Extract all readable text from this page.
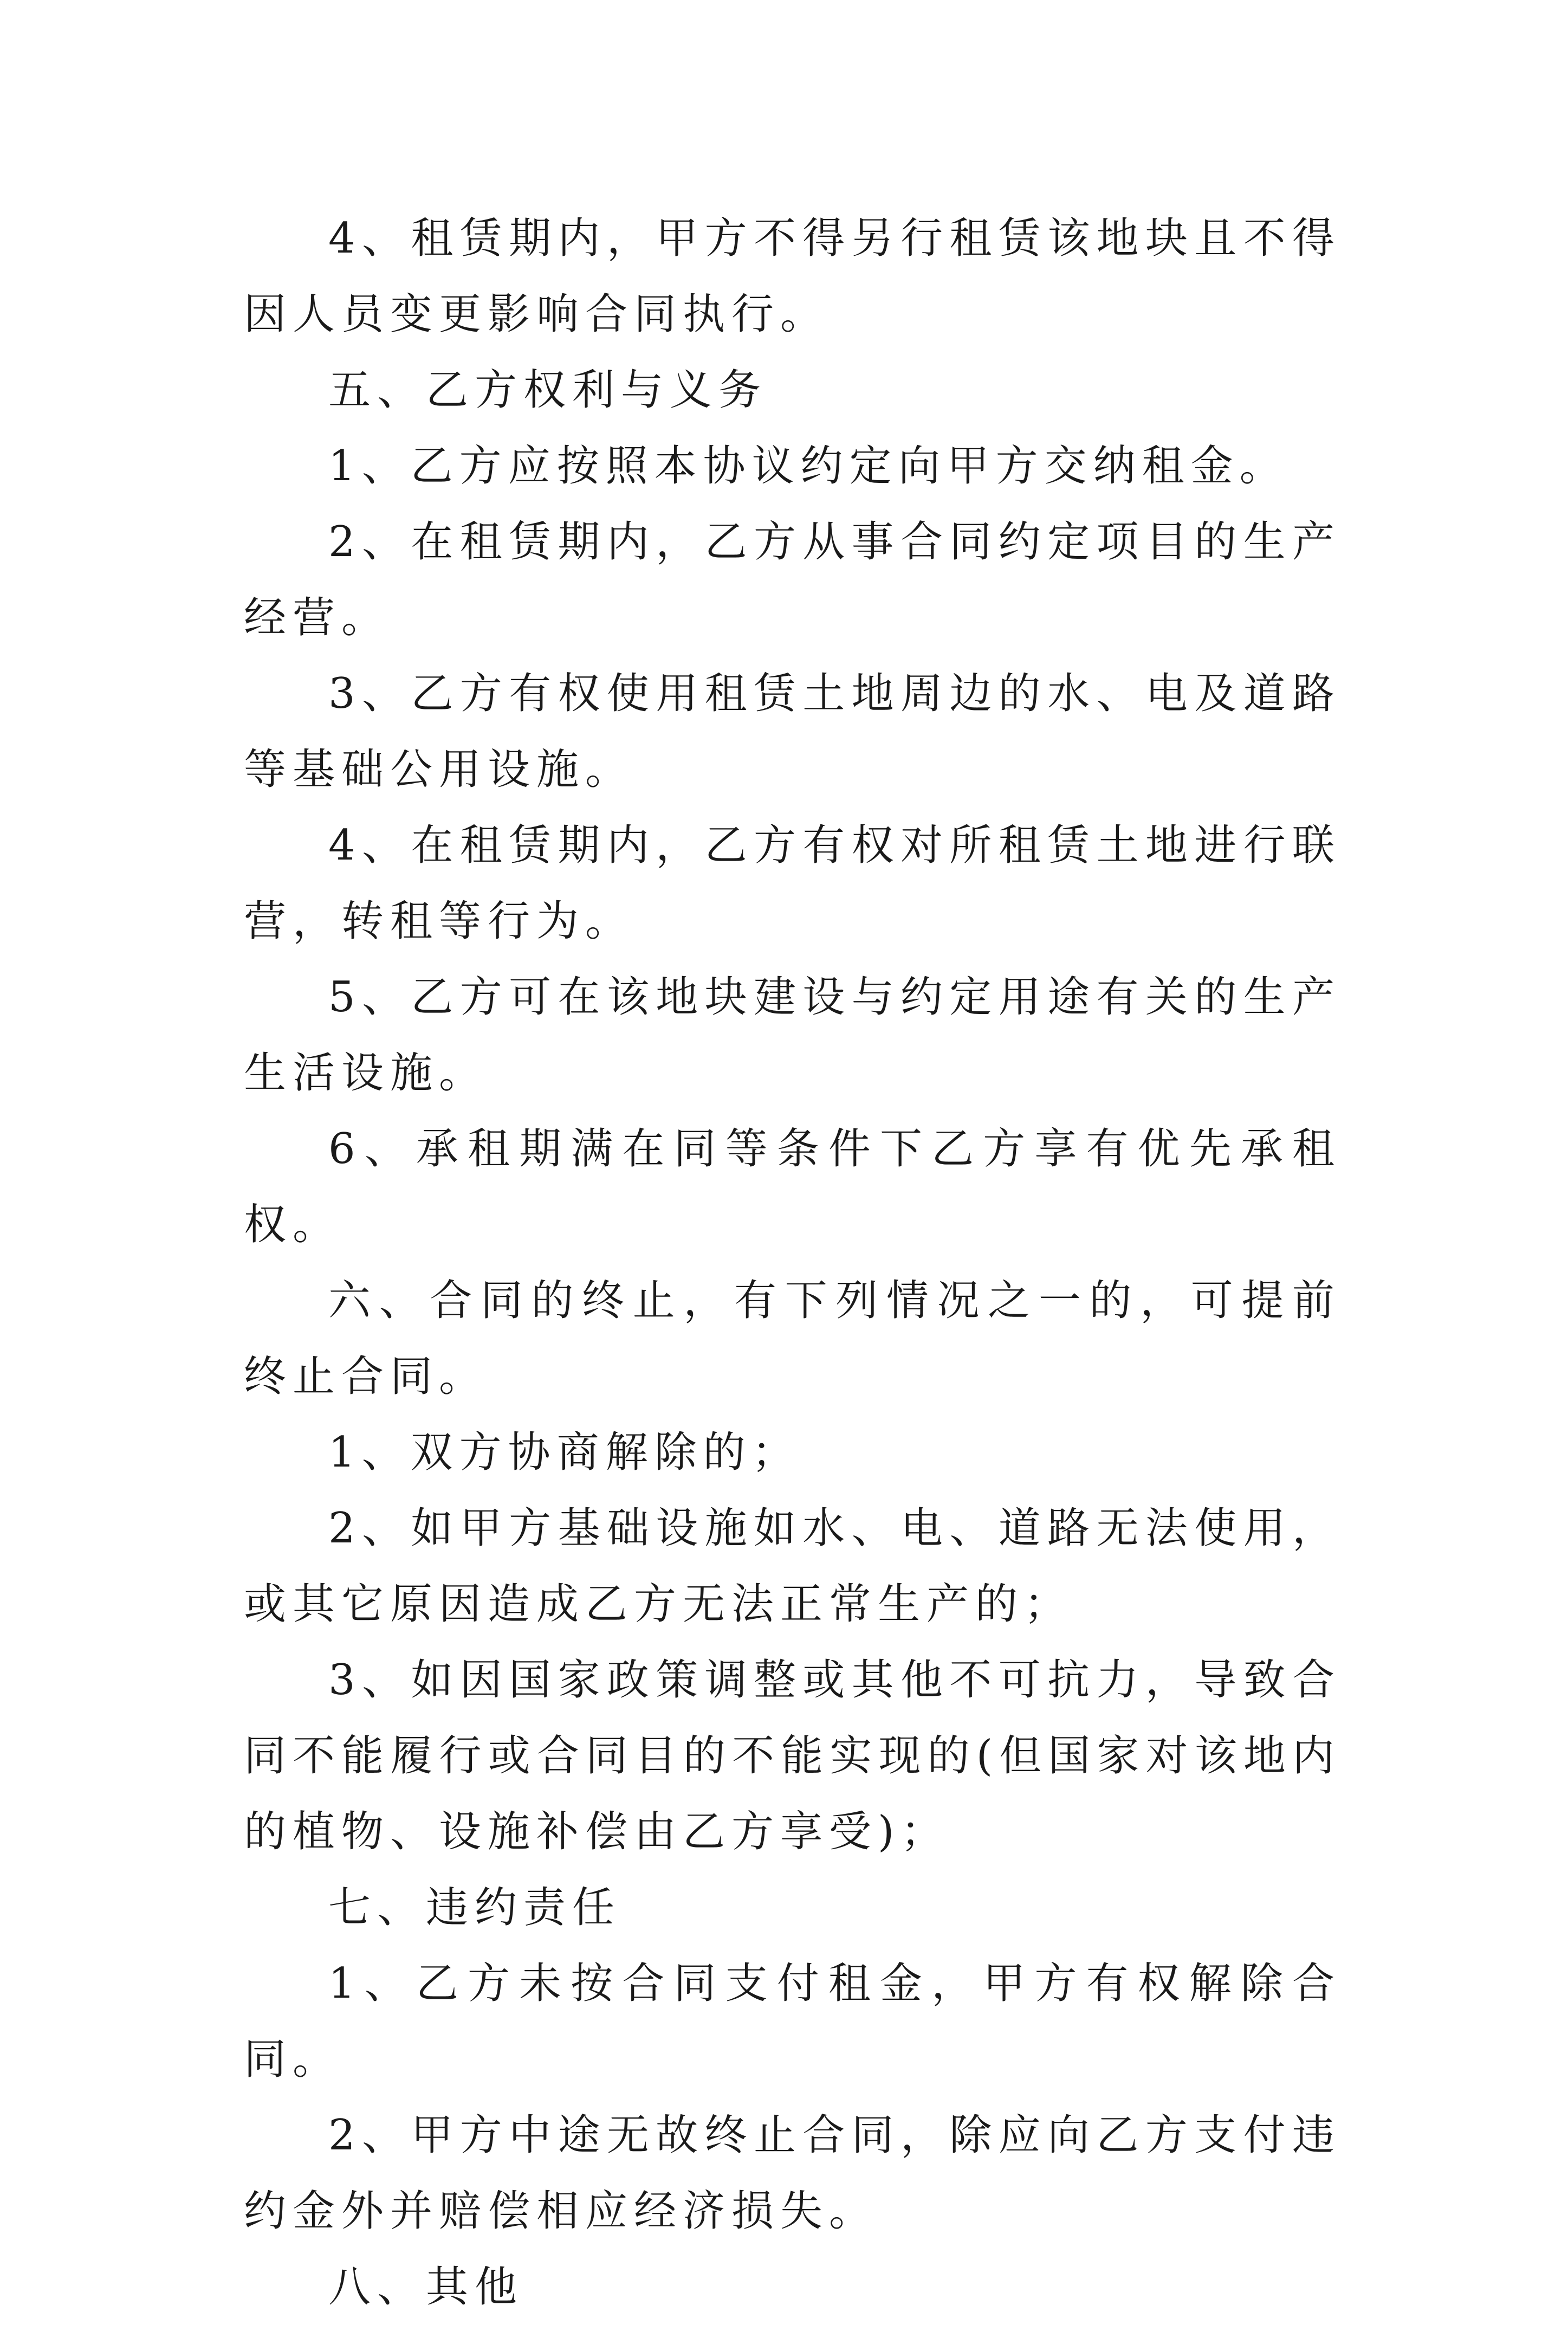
4、租赁期内，甲方不得另行租赁该地块且不得因人员变更影响合同执行。

五、乙方权利与义务

1、乙方应按照本协议约定向甲方交纳租金。

2、在租赁期内，乙方从事合同约定项目的生产经营。

3、乙方有权使用租赁土地周边的水、电及道路等基础公用设施。

4、在租赁期内，乙方有权对所租赁土地进行联营，转租等行为。

5、乙方可在该地块建设与约定用途有关的生产生活设施。

6、承租期满在同等条件下乙方享有优先承租权。

六、合同的终止，有下列情况之一的，可提前终止合同。

1、双方协商解除的；

2、如甲方基础设施如水、电、道路无法使用，或其它原因造成乙方无法正常生产的；

3、如因国家政策调整或其他不可抗力，导致合同不能履行或合同目的不能实现的(但国家对该地内的植物、设施补偿由乙方享受)；

七、违约责任

1、乙方未按合同支付租金，甲方有权解除合同。

2、甲方中途无故终止合同，除应向乙方支付违约金外并赔偿相应经济损失。

八、其他
